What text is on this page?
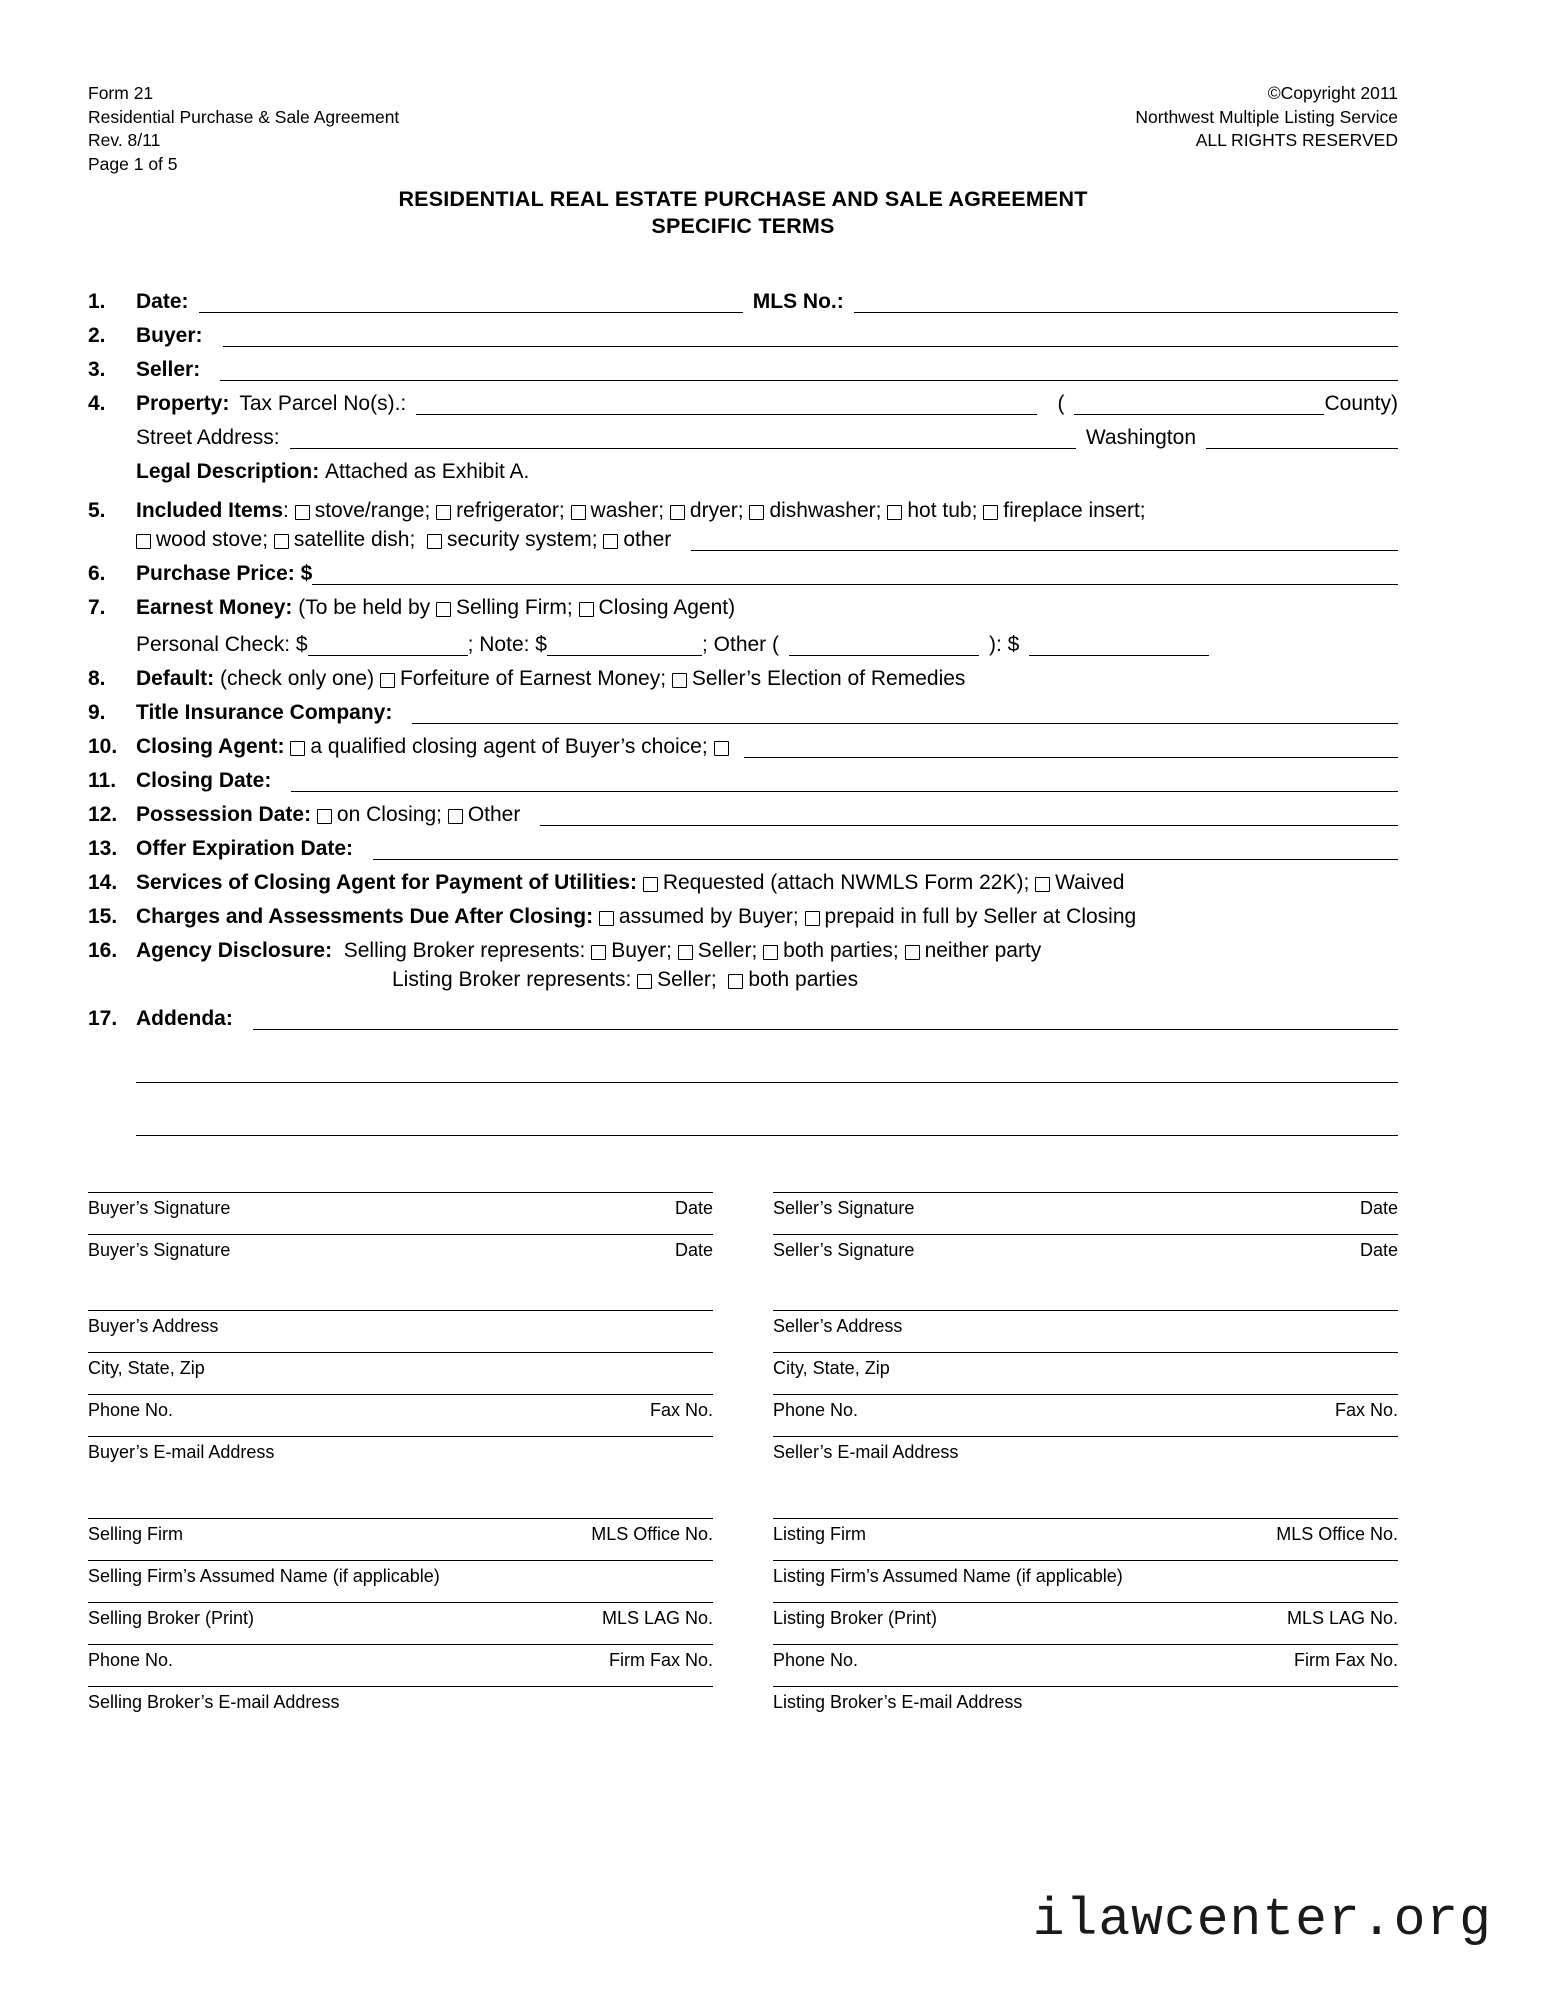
Form 21
Residential Purchase & Sale Agreement
Rev. 8/11
Page 1 of 5
©Copyright 2011
Northwest Multiple Listing Service
ALL RIGHTS RESERVED
RESIDENTIAL REAL ESTATE PURCHASE AND SALE AGREEMENT
SPECIFIC TERMS
1.	Date:	MLS No.:
2.	Buyer:
3.	Seller:
4.	Property: Tax Parcel No(s).:	(	County)
Street Address:	Washington
Legal Description:
Attached as Exhibit A.
5.	Included Items :
stove/range;
refrigerator;
washer;
dryer;
dishwasher;
hot tub;
fireplace insert;
wood stove;
satellite dish;
security system;
other
6.	Purchase Price:
$
7.	Earnest Money:
(To be held by
Selling Firm;
Closing Agent)
Personal Check: $	; Note: $	; Other (	): $
8.	Default:
(check only one)
Forfeiture of Earnest Money;
Seller’s Election of Remedies
9.	Title Insurance Company:
10. Closing Agent:
a qualified closing agent of Buyer’s choice;

11. Closing Date:
12. Possession Date:
on Closing;
Other
13. Offer Expiration Date:
14. Services of Closing Agent for Payment of Utilities:
Requested (attach NWMLS Form 22K);
Waived
15. Charges and Assessments Due After Closing:
assumed by Buyer;
prepaid in full by Seller at Closing
16. Agency Disclosure:
Selling Broker represents:
Buyer;
Seller;
both parties;
neither party
Listing Broker represents:
Seller;
both parties
17. Addenda:
Buyer’s Signature	Date
Buyer’s Signature	Date
Buyer’s Address
City, State, Zip
Phone No.	Fax No.
Buyer’s E-mail Address
Selling Firm	MLS Office No.
Selling Firm’s Assumed Name (if applicable)
Selling Broker (Print)	MLS LAG No.
Phone No.	Firm Fax No.
Selling Broker’s E-mail Address
Seller’s Signature	Date
Seller’s Signature	Date
Seller’s Address
City, State, Zip
Phone No.	Fax No.
Seller’s E-mail Address
Listing Firm	MLS Office No.
Listing Firm’s Assumed Name (if applicable)
Listing Broker (Print)	MLS LAG No.
Phone No.	Firm Fax No.
Listing Broker’s E-mail Address
ilawcenter.org
